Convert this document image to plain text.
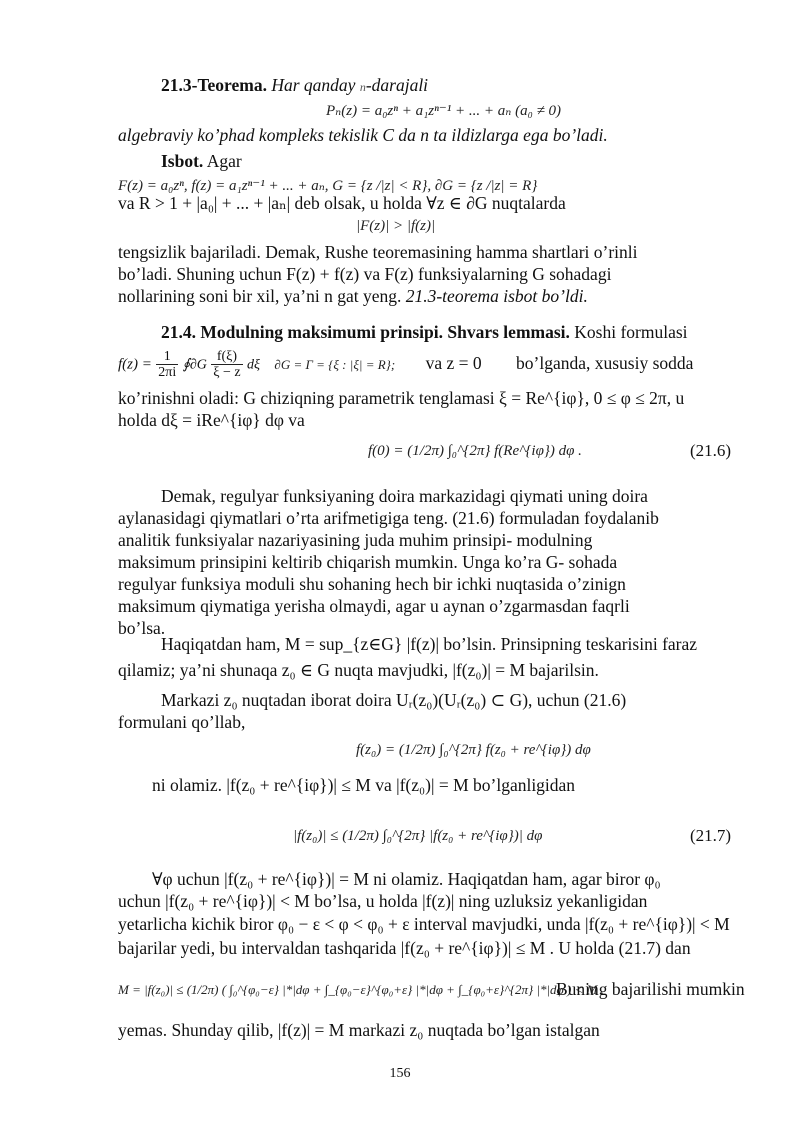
21.3-Teorema. Har qanday n-darajali
Pₙ(z) = a₀zⁿ + a₁zⁿ⁻¹ + ... + aₙ (a₀ ≠ 0)
algebraviy ko’phad kompleks tekislik C da n ta ildizlarga ega bo’ladi.
Isbot. Agar
F(z) = a₀zⁿ, f(z) = a₁zⁿ⁻¹ + ... + aₙ, G = {z /|z| < R}, ∂G = {z /|z| = R}
va R > 1 + |a₀| + ... + |aₙ| deb olsak, u holda ∀z ∈ ∂G nuqtalarda
|F(z)| > |f(z)|
tengsizlik bajariladi. Demak, Rushe teoremasining hamma shartlari o’rinli
bo’ladi. Shuning uchun F(z) + f(z) va F(z) funksiyalarning G sohadagi
nollarining soni bir xil, ya’ni n gat yeng. 21.3-teorema isbot bo’ldi.
21.4. Modulning maksimumi prinsipi. Shvars lemmasi. Koshi formulasi
$f(z) = \frac{1}{2\pi i}$ ∮∂G $\frac{f(\xi)}{\xi - z}$ dξ ∂G = Γ = {ξ : |ξ| = R}; va z = 0 bo’lganda, xususiy sodda
ko’rinishni oladi: G chiziqning parametrik tenglamasi ξ = Re^{iφ}, 0 ≤ φ ≤ 2π, u
holda dξ = iRe^{iφ} dφ va
f(0) = (1/2π) ∫₀^{2π} f(Re^{iφ}) dφ .	(21.6)
Demak, regulyar funksiyaning doira markazidagi qiymati uning doira
aylanasidagi qiymatlari o’rta arifmetigiga teng. (21.6) formuladan foydalanib
analitik funksiyalar nazariyasining juda muhim prinsipi- modulning
maksimum prinsipini keltirib chiqarish mumkin. Unga ko’ra G- sohada
regulyar funksiya moduli shu sohaning hech bir ichki nuqtasida o’zinign
maksimum qiymatiga yerisha olmaydi, agar u aynan o’zgarmasdan faqrli
bo’lsa.
Haqiqatdan ham, M = sup_{z∈G} |f(z)| bo’lsin. Prinsipning teskarisini faraz
qilamiz; ya’ni shunaqa z₀ ∈ G nuqta mavjudki, |f(z₀)| = M bajarilsin.
Markazi z₀ nuqtadan iborat doira Uᵣ(z₀)(Uᵣ(z₀) ⊂ G), uchun (21.6)
formulani qo’llab,
f(z₀) = (1/2π) ∫₀^{2π} f(z₀ + re^{iφ}) dφ
ni olamiz. |f(z₀ + re^{iφ})| ≤ M va |f(z₀)| = M bo’lganligidan
|f(z₀)| ≤ (1/2π) ∫₀^{2π} |f(z₀ + re^{iφ})| dφ	(21.7)
∀φ uchun |f(z₀ + re^{iφ})| = M ni olamiz. Haqiqatdan ham, agar biror φ₀
uchun |f(z₀ + re^{iφ})| < M bo’lsa, u holda |f(z)| ning uzluksiz yekanligidan
yetarlicha kichik biror φ₀ − ε < φ < φ₀ + ε interval mavjudki, unda |f(z₀ + re^{iφ})| < M
bajarilar yedi, bu intervaldan tashqarida |f(z₀ + re^{iφ})| ≤ M . U holda (21.7) dan
M = |f(z₀)| ≤ (1/2π) ( ∫₀^{φ₀−ε} |*|dφ + ∫_{φ₀−ε}^{φ₀+ε} |*|dφ + ∫_{φ₀+ε}^{2π} |*|dφ ) < M .
Buning bajarilishi mumkin
yemas. Shunday qilib, |f(z)| = M markazi z₀ nuqtada bo’lgan istalgan
156
